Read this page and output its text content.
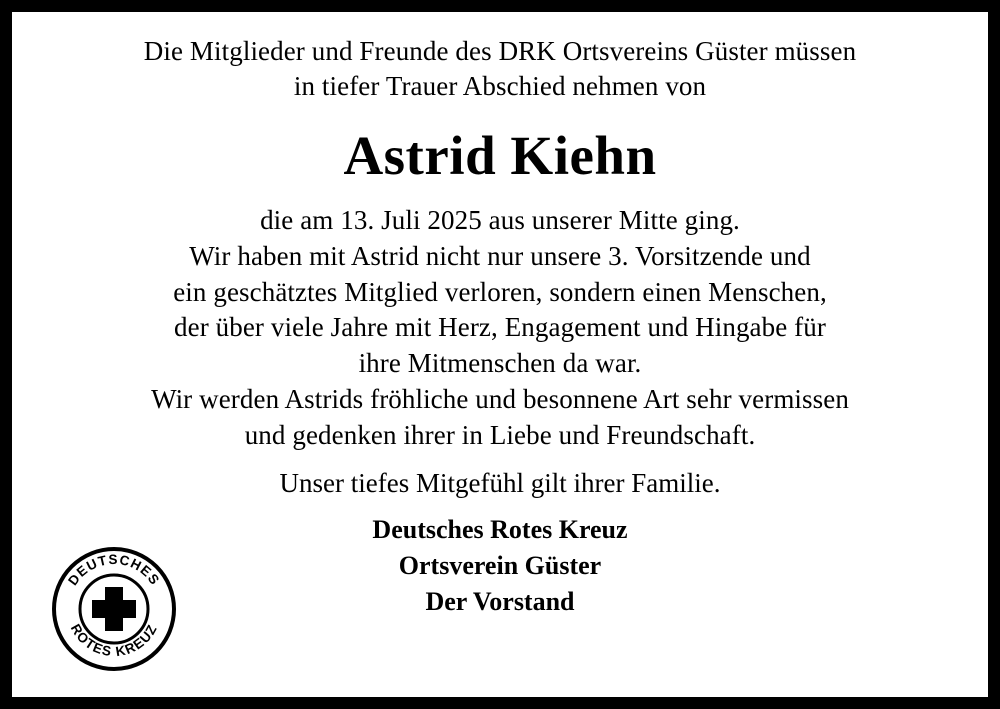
Die Mitglieder und Freunde des DRK Ortsvereins Güster müssen
in tiefer Trauer Abschied nehmen von
Astrid Kiehn
die am 13. Juli 2025 aus unserer Mitte ging.
Wir haben mit Astrid nicht nur unsere 3. Vorsitzende und
ein geschätztes Mitglied verloren, sondern einen Menschen,
der über viele Jahre mit Herz, Engagement und Hingabe für
ihre Mitmenschen da war.
Wir werden Astrids fröhliche und besonnene Art sehr vermissen
und gedenken ihrer in Liebe und Freundschaft.
Unser tiefes Mitgefühl gilt ihrer Familie.
Deutsches Rotes Kreuz
Ortsverein Güster
Der Vorstand
DEUTSCHES
ROTES KREUZ
